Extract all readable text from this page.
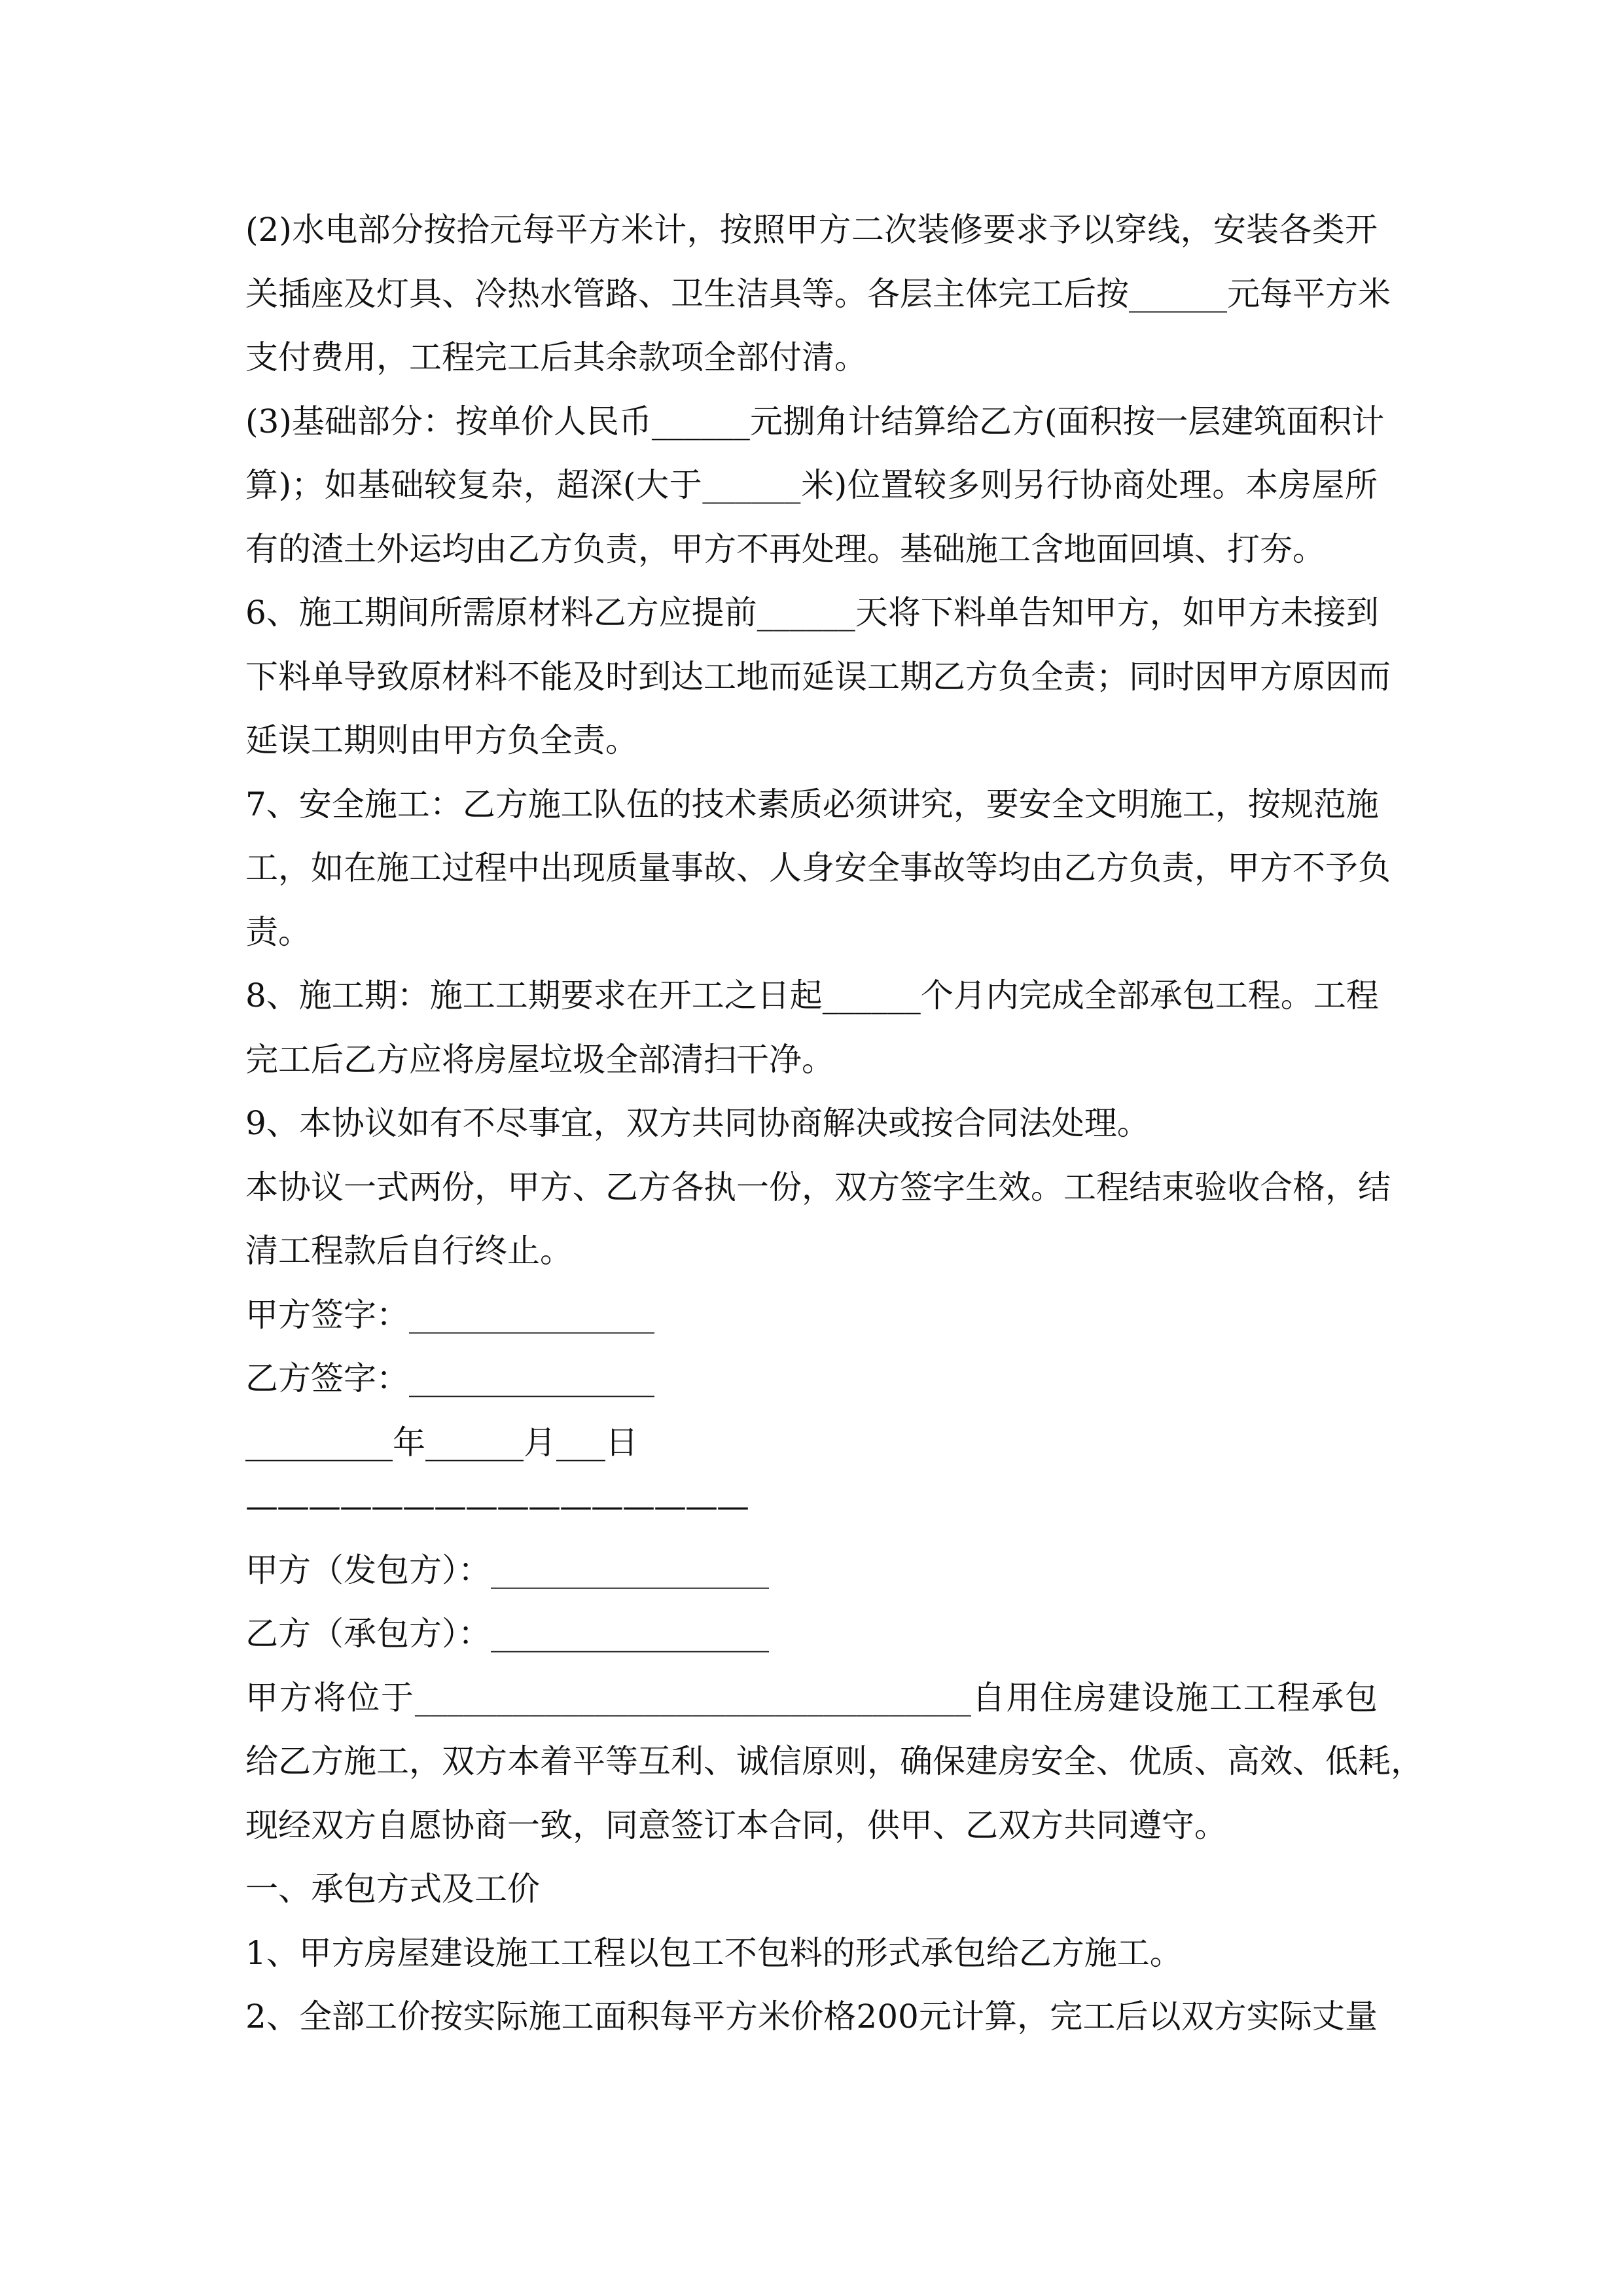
(2)水电部分按拾元每平方米计，按照甲方二次装修要求予以穿线，安装各类开
关插座及灯具、冷热水管路、卫生洁具等。各层主体完工后按______元每平方米
支付费用，工程完工后其余款项全部付清。
(3)基础部分：按单价人民币______元捌角计结算给乙方(面积按一层建筑面积计
算)；如基础较复杂，超深(大于______米)位置较多则另行协商处理。本房屋所
有的渣土外运均由乙方负责，甲方不再处理。基础施工含地面回填、打夯。
6、施工期间所需原材料乙方应提前______天将下料单告知甲方，如甲方未接到
下料单导致原材料不能及时到达工地而延误工期乙方负全责；同时因甲方原因而
延误工期则由甲方负全责。
7、安全施工：乙方施工队伍的技术素质必须讲究，要安全文明施工，按规范施
工，如在施工过程中出现质量事故、人身安全事故等均由乙方负责，甲方不予负
责。
8、施工期：施工工期要求在开工之日起______个月内完成全部承包工程。工程
完工后乙方应将房屋垃圾全部清扫干净。
9、本协议如有不尽事宜，双方共同协商解决或按合同法处理。
本协议一式两份，甲方、乙方各执一份，双方签字生效。工程结束验收合格，结
清工程款后自行终止。
甲方签字：_______________
乙方签字：_______________
_________年______月___日
————————————————
甲方（发包方）：_________________
乙方（承包方）：_________________
甲方将位于__________________________________自用住房建设施工工程承包
给乙方施工，双方本着平等互利、诚信原则，确保建房安全、优质、高效、低耗，
现经双方自愿协商一致，同意签订本合同，供甲、乙双方共同遵守。
一、承包方式及工价
1、甲方房屋建设施工工程以包工不包料的形式承包给乙方施工。
2、全部工价按实际施工面积每平方米价格200元计算，完工后以双方实际丈量
